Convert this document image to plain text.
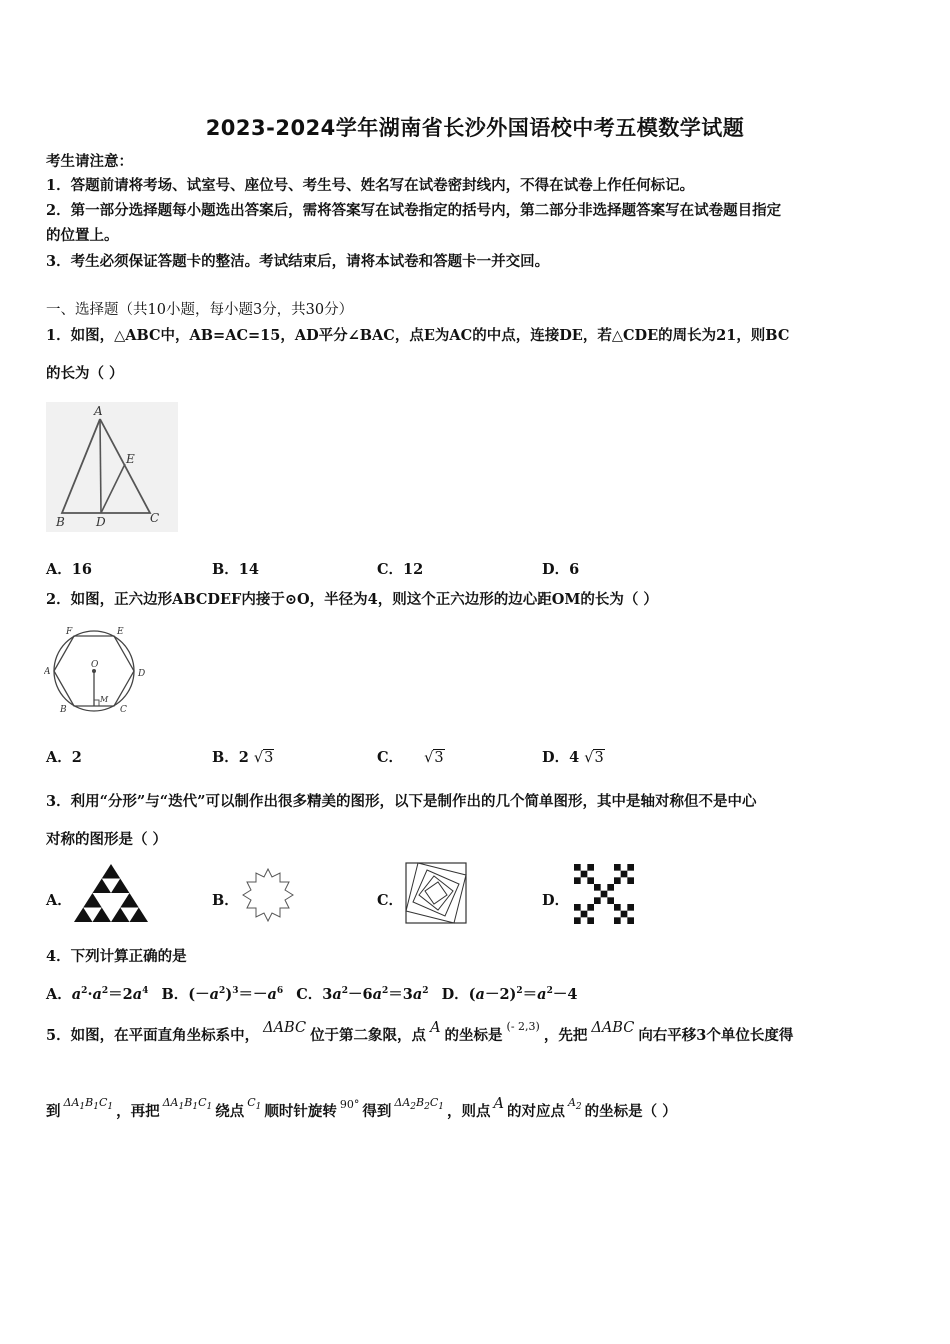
2023-2024学年湖南省长沙外国语校中考五模数学试题
考生请注意：
1．答题前请将考场、试室号、座位号、考生号、姓名写在试卷密封线内，不得在试卷上作任何标记。
2．第一部分选择题每小题选出答案后，需将答案写在试卷指定的括号内，第二部分非选择题答案写在试卷题目指定
的位置上。
3．考生必须保证答题卡的整洁。考试结束后，请将本试卷和答题卡一并交回。
一、选择题（共10小题，每小题3分，共30分）
1．如图，△ABC中，AB=AC=15，AD平分∠BAC，点E为AC的中点，连接DE，若△CDE的周长为21，则BC
的长为（ ）
A
E
B	D	C
A．16	B．14	C．12	D．6
2．如图，正六边形ABCDEF内接于⊙O，半径为4，则这个正六边形的边心距OM的长为（ ）
F	E
A	D
B	C
O
M
A．2	B．2 √3	C． √3	D．4 √3
3．利用“分形”与“迭代”可以制作出很多精美的图形，以下是制作出的几个简单图形，其中是轴对称但不是中心
对称的图形是（ ）
A．	B．	C．	D．
4．下列计算正确的是
A．$a^2\cdot a^2=2a^4$ B．$(-a^2)^3=-a^6$ C．$3a^2-6a^2=3a^2$ D．$(a-2)^2=a^2-4$
5．如图，在平面直角坐标系中， ΔABC 位于第二象限，点 A 的坐标是$^{(- 2,3)}$，先把 ΔABC 向右平移3个单位长度得
到$^{\Delta A_1B_1C_1}$ ，再把$^{\Delta A_1B_1C_1}$ 绕点$^{C_1}$ 顺时针旋转 $^{90^\circ}$ 得到$^{\Delta A_2B_2C_1}$ ，则点 A 的对应点$^{A_2}$ 的坐标是（ ）
